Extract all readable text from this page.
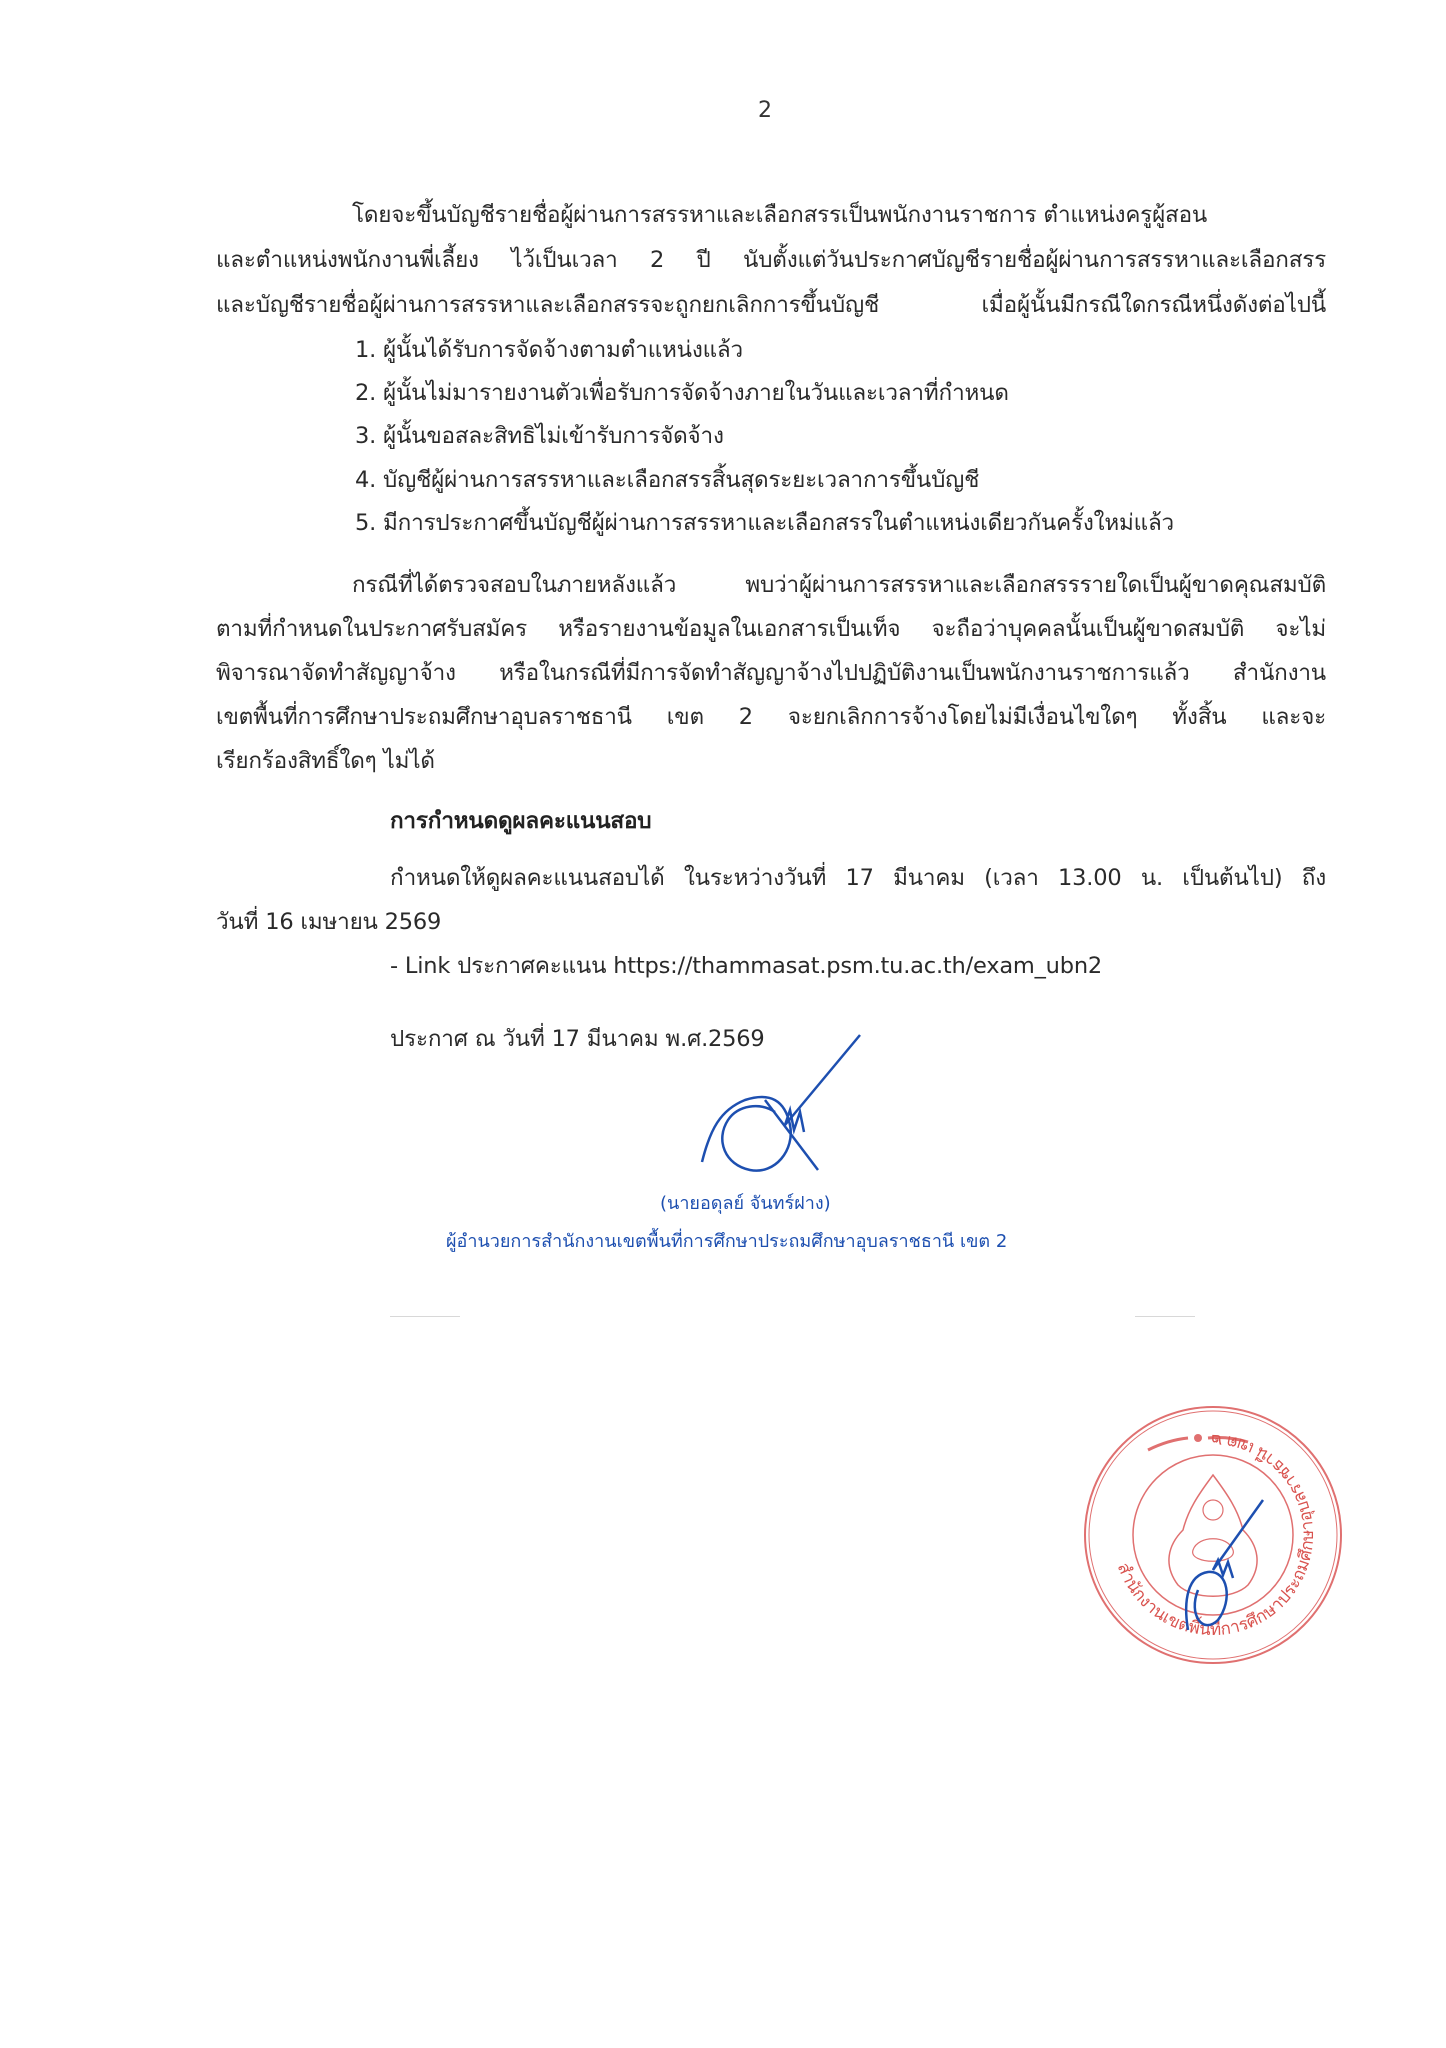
2
โดยจะขึ้นบัญชีรายชื่อผู้ผ่านการสรรหาและเลือกสรรเป็นพนักงานราชการ ตำแหน่งครูผู้สอน
และตำแหน่งพนักงานพี่เลี้ยง ไว้เป็นเวลา 2 ปี นับตั้งแต่วันประกาศบัญชีรายชื่อผู้ผ่านการสรรหาและเลือกสรร
และบัญชีรายชื่อผู้ผ่านการสรรหาและเลือกสรรจะถูกยกเลิกการขึ้นบัญชี เมื่อผู้นั้นมีกรณีใดกรณีหนึ่งดังต่อไปนี้
1. ผู้นั้นได้รับการจัดจ้างตามตำแหน่งแล้ว
2. ผู้นั้นไม่มารายงานตัวเพื่อรับการจัดจ้างภายในวันและเวลาที่กำหนด
3. ผู้นั้นขอสละสิทธิไม่เข้ารับการจัดจ้าง
4. บัญชีผู้ผ่านการสรรหาและเลือกสรรสิ้นสุดระยะเวลาการขึ้นบัญชี
5. มีการประกาศขึ้นบัญชีผู้ผ่านการสรรหาและเลือกสรรในตำแหน่งเดียวกันครั้งใหม่แล้ว
กรณีที่ได้ตรวจสอบในภายหลังแล้ว พบว่าผู้ผ่านการสรรหาและเลือกสรรรายใดเป็นผู้ขาดคุณสมบัติ
ตามที่กำหนดในประกาศรับสมัคร หรือรายงานข้อมูลในเอกสารเป็นเท็จ จะถือว่าบุคคลนั้นเป็นผู้ขาดสมบัติ จะไม่
พิจารณาจัดทำสัญญาจ้าง หรือในกรณีที่มีการจัดทำสัญญาจ้างไปปฏิบัติงานเป็นพนักงานราชการแล้ว สำนักงาน
เขตพื้นที่การศึกษาประถมศึกษาอุบลราชธานี เขต 2 จะยกเลิกการจ้างโดยไม่มีเงื่อนไขใดๆ ทั้งสิ้น และจะ
เรียกร้องสิทธิ์ใดๆ ไม่ได้
การกำหนดดูผลคะแนนสอบ
กำหนดให้ดูผลคะแนนสอบได้ ในระหว่างวันที่ 17 มีนาคม (เวลา 13.00 น. เป็นต้นไป) ถึง
วันที่ 16 เมษายน 2569
- Link ประกาศคะแนน https://thammasat.psm.tu.ac.th/exam_ubn2
ประกาศ ณ วันที่ 17 มีนาคม พ.ศ.2569
(นายอดุลย์ จันทร์ฝาง)
ผู้อำนวยการสำนักงานเขตพื้นที่การศึกษาประถมศึกษาอุบลราชธานี เขต 2
สำนักงานเขตพื้นที่การศึกษาประถมศึกษาอุบลราชธานี เขต ๒
